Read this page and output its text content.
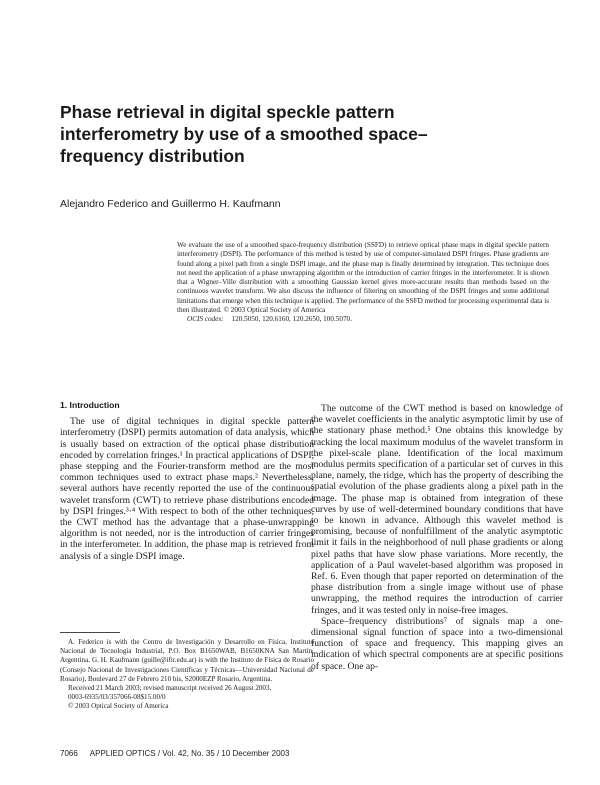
Phase retrieval in digital speckle pattern interferometry by use of a smoothed space–frequency distribution
Alejandro Federico and Guillermo H. Kaufmann

We evaluate the use of a smoothed space-frequency distribution (SSFD) to retrieve optical phase maps in digital speckle pattern interferometry (DSPI). The performance of this method is tested by use of computer-simulated DSPI fringes. Phase gradients are found along a pixel path from a single DSPI image, and the phase map is finally determined by integration. This technique does not need the application of a phase unwrapping algorithm or the introduction of carrier fringes in the interferometer. It is shown that a Wigner–Ville distribution with a smoothing Gaussian kernel gives more-accurate results than methods based on the continuous wavelet transform. We also discuss the influence of filtering on smoothing of the DSPI fringes and some additional limitations that emerge when this technique is applied. The performance of the SSFD method for processing experimental data is then illustrated. © 2003 Optical Society of America

OCIS codes: 120.5050, 120.6160, 120.2650, 100.5070.

1. Introduction

The use of digital techniques in digital speckle pattern interferometry (DSPI) permits automation of data analysis, which is usually based on extraction of the optical phase distribution encoded by correlation fringes.¹ In practical applications of DSPI, phase stepping and the Fourier-transform method are the most common techniques used to extract phase maps.² Nevertheless, several authors have recently reported the use of the continuous wavelet transform (CWT) to retrieve phase distributions encoded by DSPI fringes.³·⁴ With respect to both of the other techniques, the CWT method has the advantage that a phase-unwrapping algorithm is not needed, nor is the introduction of carrier fringes in the interferometer. In addition, the phase map is retrieved from analysis of a single DSPI image.

The outcome of the CWT method is based on knowledge of the wavelet coefficients in the analytic asymptotic limit by use of the stationary phase method.⁵ One obtains this knowledge by tracking the local maximum modulus of the wavelet transform in the pixel-scale plane. Identification of the local maximum modulus permits specification of a particular set of curves in this plane, namely, the ridge, which has the property of describing the spatial evolution of the phase gradients along a pixel path in the image. The phase map is obtained from integration of these curves by use of well-determined boundary conditions that have to be known in advance. Although this wavelet method is promising, because of nonfulfillment of the analytic asymptotic limit it fails in the neighborhood of null phase gradients or along pixel paths that have slow phase variations. More recently, the application of a Paul wavelet-based algorithm was proposed in Ref. 6. Even though that paper reported on determination of the phase distribution from a single image without use of phase unwrapping, the method requires the introduction of carrier fringes, and it was tested only in noise-free images.

Space–frequency distributions⁷ of signals map a one-dimensional signal function of space into a two-dimensional function of space and frequency. This mapping gives an indication of which spectral components are at specific positions of space. One ap-

A. Federico is with the Centro de Investigación y Desarrollo en Física, Instituto Nacional de Tecnología Industrial, P.O. Box B1650WAB, B1650KNA San Martín, Argentina. G. H. Kaufmann (guille@ifir.edu.ar) is with the Instituto de Física de Rosario (Consejo Nacional de Investigaciones Científicas y Técnicas—Universidad Nacional de Rosario), Boulevard 27 de Febrero 210 bis, S2000EZP Rosario, Argentina.

Received 21 March 2003; revised manuscript received 26 August 2003.

0003-6935/03/357066-08$15.00/0

© 2003 Optical Society of America

7066 APPLIED OPTICS / Vol. 42, No. 35 / 10 December 2003
